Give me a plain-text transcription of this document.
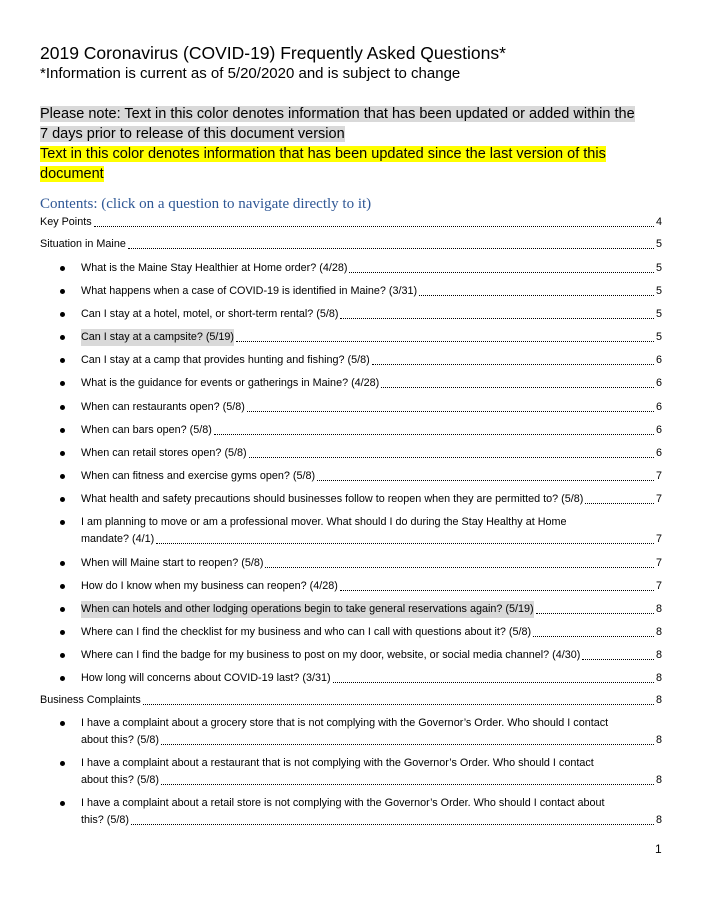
2019 Coronavirus (COVID-19) Frequently Asked Questions*
*Information is current as of 5/20/2020 and is subject to change
Please note: Text in this color denotes information that has been updated or added within the
7 days prior to release of this document version
Text in this color denotes information that has been updated since the last version of this
document
Contents: (click on a question to navigate directly to it)
Key Points	4
Situation in Maine	5
What is the Maine Stay Healthier at Home order? (4/28)	5
What happens when a case of COVID-19 is identified in Maine? (3/31)	5
Can I stay at a hotel, motel, or short-term rental? (5/8)	5
Can I stay at a campsite? (5/19)	5
Can I stay at a camp that provides hunting and fishing? (5/8)	6
What is the guidance for events or gatherings in Maine? (4/28)	6
When can restaurants open? (5/8)	6
When can bars open? (5/8)	6
When can retail stores open? (5/8)	6
When can fitness and exercise gyms open? (5/8)	7
What health and safety precautions should businesses follow to reopen when they are permitted to? (5/8)	7
I am planning to move or am a professional mover. What should I do during the Stay Healthy at Home
mandate? (4/1)	7
When will Maine start to reopen? (5/8)	7
How do I know when my business can reopen? (4/28)	7
When can hotels and other lodging operations begin to take general reservations again? (5/19)	8
Where can I find the checklist for my business and who can I call with questions about it? (5/8)	8
Where can I find the badge for my business to post on my door, website, or social media channel? (4/30)	8
How long will concerns about COVID-19 last? (3/31)	8
Business Complaints	8
I have a complaint about a grocery store that is not complying with the Governor’s Order. Who should I contact
about this? (5/8)	8
I have a complaint about a restaurant that is not complying with the Governor’s Order. Who should I contact
about this? (5/8)	8
I have a complaint about a retail store is not complying with the Governor’s Order. Who should I contact about
this? (5/8)	8
1
